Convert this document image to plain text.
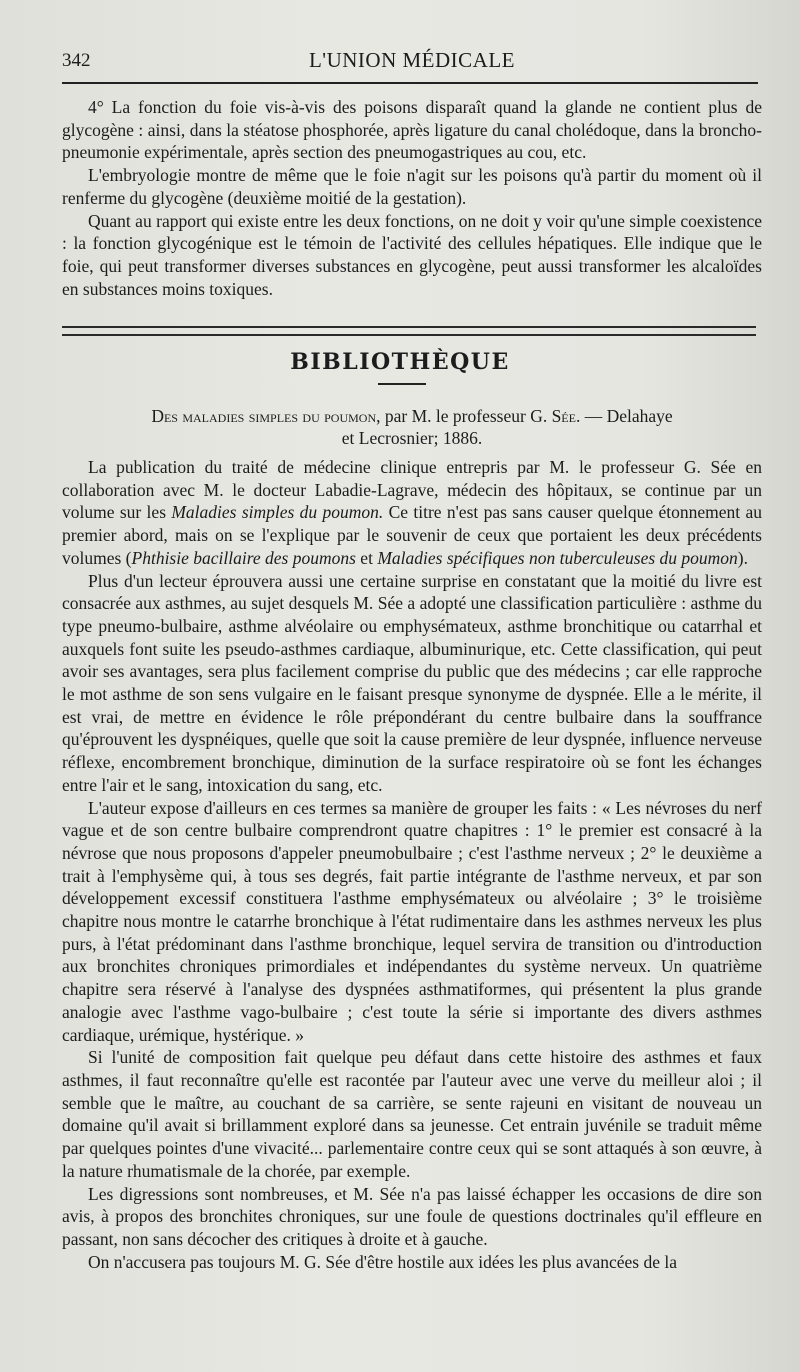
342	L'UNION MÉDICALE

4° La fonction du foie vis-à-vis des poisons disparaît quand la glande ne contient plus de glycogène : ainsi, dans la stéatose phosphorée, après ligature du canal cholédoque, dans la broncho-pneumonie expérimentale, après section des pneumogastriques au cou, etc.

L'embryologie montre de même que le foie n'agit sur les poisons qu'à partir du moment où il renferme du glycogène (deuxième moitié de la gestation).

Quant au rapport qui existe entre les deux fonctions, on ne doit y voir qu'une simple coexistence : la fonction glycogénique est le témoin de l'activité des cellules hépatiques. Elle indique que le foie, qui peut transformer diverses substances en glycogène, peut aussi transformer les alcaloïdes en substances moins toxiques.

BIBLIOTHÈQUE
Des maladies simples du poumon, par M. le professeur G. Sée. — Delahaye
et Lecrosnier; 1886.

La publication du traité de médecine clinique entrepris par M. le professeur G. Sée en collaboration avec M. le docteur Labadie-Lagrave, médecin des hôpitaux, se continue par un volume sur les Maladies simples du poumon. Ce titre n'est pas sans causer quelque étonnement au premier abord, mais on se l'explique par le souvenir de ceux que portaient les deux précédents volumes (Phthisie bacillaire des poumons et Maladies spécifiques non tuberculeuses du poumon).

Plus d'un lecteur éprouvera aussi une certaine surprise en constatant que la moitié du livre est consacrée aux asthmes, au sujet desquels M. Sée a adopté une classification particulière : asthme du type pneumo-bulbaire, asthme alvéolaire ou emphysémateux, asthme bronchitique ou catarrhal et auxquels font suite les pseudo-asthmes cardiaque, albuminurique, etc. Cette classification, qui peut avoir ses avantages, sera plus facilement comprise du public que des médecins ; car elle rapproche le mot asthme de son sens vulgaire en le faisant presque synonyme de dyspnée. Elle a le mérite, il est vrai, de mettre en évidence le rôle prépondérant du centre bulbaire dans la souffrance qu'éprouvent les dyspnéiques, quelle que soit la cause première de leur dyspnée, influence nerveuse réflexe, encombrement bronchique, diminution de la surface respiratoire où se font les échanges entre l'air et le sang, intoxication du sang, etc.

L'auteur expose d'ailleurs en ces termes sa manière de grouper les faits : « Les névroses du nerf vague et de son centre bulbaire comprendront quatre chapitres : 1° le premier est consacré à la névrose que nous proposons d'appeler pneumobulbaire ; c'est l'asthme nerveux ; 2° le deuxième a trait à l'emphysème qui, à tous ses degrés, fait partie intégrante de l'asthme nerveux, et par son développement excessif constituera l'asthme emphysémateux ou alvéolaire ; 3° le troisième chapitre nous montre le catarrhe bronchique à l'état rudimentaire dans les asthmes nerveux les plus purs, à l'état prédominant dans l'asthme bronchique, lequel servira de transition ou d'introduction aux bronchites chroniques primordiales et indépendantes du système nerveux. Un quatrième chapitre sera réservé à l'analyse des dyspnées asthmatiformes, qui présentent la plus grande analogie avec l'asthme vago-bulbaire ; c'est toute la série si importante des divers asthmes cardiaque, urémique, hystérique. »

Si l'unité de composition fait quelque peu défaut dans cette histoire des asthmes et faux asthmes, il faut reconnaître qu'elle est racontée par l'auteur avec une verve du meilleur aloi ; il semble que le maître, au couchant de sa carrière, se sente rajeuni en visitant de nouveau un domaine qu'il avait si brillamment exploré dans sa jeunesse. Cet entrain juvénile se traduit même par quelques pointes d'une vivacité... parlementaire contre ceux qui se sont attaqués à son œuvre, à la nature rhumatismale de la chorée, par exemple.

Les digressions sont nombreuses, et M. Sée n'a pas laissé échapper les occasions de dire son avis, à propos des bronchites chroniques, sur une foule de questions doctrinales qu'il effleure en passant, non sans décocher des critiques à droite et à gauche.

On n'accusera pas toujours M. G. Sée d'être hostile aux idées les plus avancées de la
